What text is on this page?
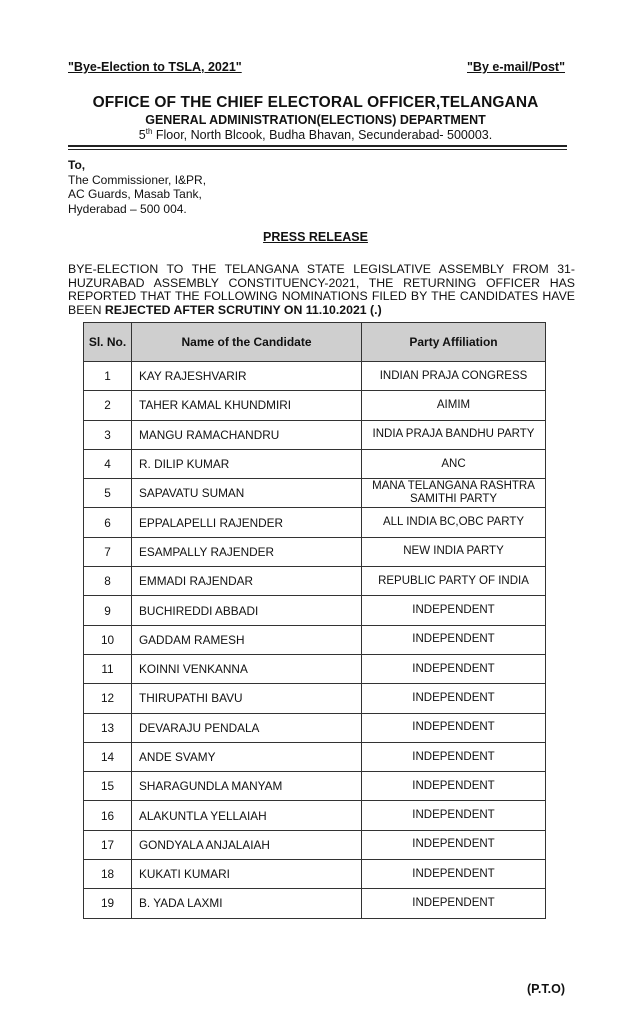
"Bye-Election to TSLA, 2021"	"By e-mail/Post"
OFFICE OF THE CHIEF ELECTORAL OFFICER,TELANGANA
GENERAL ADMINISTRATION(ELECTIONS) DEPARTMENT
5th Floor, North Blcook, Budha Bhavan, Secunderabad- 500003.
To,
The Commissioner, I&PR,
AC Guards, Masab Tank,
Hyderabad – 500 004.
PRESS RELEASE
BYE-ELECTION TO THE TELANGANA STATE LEGISLATIVE ASSEMBLY FROM 31-HUZURABAD ASSEMBLY CONSTITUENCY-2021, THE RETURNING OFFICER HAS REPORTED THAT THE FOLLOWING NOMINATIONS FILED BY THE CANDIDATES HAVE BEEN REJECTED AFTER SCRUTINY ON 11.10.2021 (.)
Sl. No.	Name of the Candidate	Party Affiliation
1	KAY RAJESHVARIR	INDIAN PRAJA CONGRESS
2	TAHER KAMAL KHUNDMIRI	AIMIM
3	MANGU RAMACHANDRU	INDIA PRAJA BANDHU PARTY
4	R. DILIP KUMAR	ANC
5	SAPAVATU SUMAN	MANA TELANGANA RASHTRA SAMITHI PARTY
6	EPPALAPELLI RAJENDER	ALL INDIA BC,OBC PARTY
7	ESAMPALLY RAJENDER	NEW INDIA PARTY
8	EMMADI RAJENDAR	REPUBLIC PARTY OF INDIA
9	BUCHIREDDI ABBADI	INDEPENDENT
10	GADDAM RAMESH	INDEPENDENT
11	KOINNI VENKANNA	INDEPENDENT
12	THIRUPATHI BAVU	INDEPENDENT
13	DEVARAJU PENDALA	INDEPENDENT
14	ANDE SVAMY	INDEPENDENT
15	SHARAGUNDLA MANYAM	INDEPENDENT
16	ALAKUNTLA YELLAIAH	INDEPENDENT
17	GONDYALA ANJALAIAH	INDEPENDENT
18	KUKATI KUMARI	INDEPENDENT
19	B. YADA LAXMI	INDEPENDENT
(P.T.O)
